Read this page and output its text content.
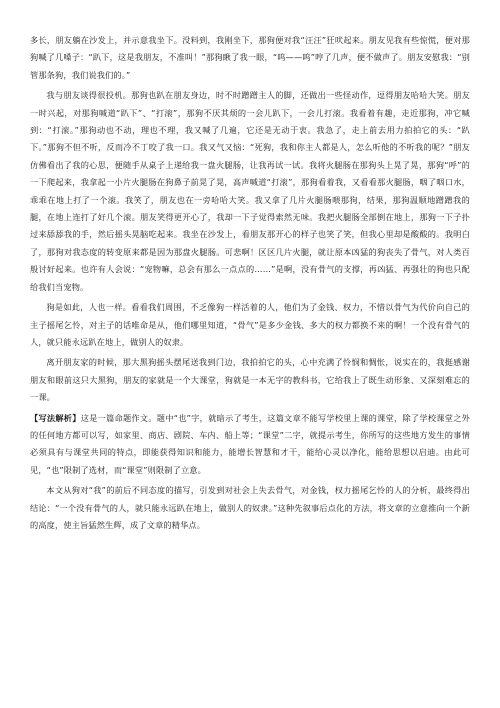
多长，朋友躺在沙发上，并示意我坐下。没料到，我刚坐下，那狗便对我“汪汪”狂吠起来。朋友见我有些惊慌，便对那狗喊了几嗓子：“趴下，这是我朋友，不准叫！”那狗瞅了我一眼，“呜——呜”哼了几声，便不做声了。朋友安慰我：“别管那条狗，我们说我们的。”

我与朋友谈得很投机。那狗也趴在朋友身边，时不时蹭蹭主人的脚，还做出一些怪动作，逗得朋友哈哈大笑。朋友一时兴起，对那狗喊道“趴下”、“打滚”，那狗不厌其烦的一会儿趴下，一会儿打滚。我看着有趣，走近那狗，冲它喊到：“打滚。”那狗动也不动，理也不理，我又喊了几遍，它还是无动于衷。我急了，走上前去用力拍拍它的头：“趴下。”那狗不但不听，反而冷不丁咬了我一口。我又气又恼：“死狗，我和你主人都是人，怎么听他的不听我的呢？”朋友仿佛看出了我的心思，便随手从桌子上递给我一盘火腿肠，让我再试一试。我将火腿肠在那狗头上晃了晃，那狗“呼”的一下爬起来，我拿起一小片火腿肠在狗鼻子前晃了晃，高声喊道“打滚”，那狗看着我，又看看那火腿肠，咽了咽口水，乖乖在地上打了一个滚。我笑了，朋友也在一旁哈哈大笑。我又拿了几片火腿肠喂那狗，结果，那狗温顺地蹭蹭我的腿，在地上连打了好几个滚。朋友笑得更开心了，我却一下子觉得索然无味。我把火腿肠全部倒在地上，那狗一下子扑过来舔舔我的手，然后摇头晃脑吃起来。我坐在沙发上，看朋友那开心的样子也笑了笑，但我心里却是酸酸的。我明白了，那狗对我态度的转变原来都是因为那盘火腿肠。可悲啊！区区几片火腿，就让原本凶猛的狗丧失了骨气，对人类百般讨好起来。也许有人会说：“宠物嘛，总会有那么一点点的……”是啊，没有骨气的支撑，再凶猛、再强壮的狗也只配给我们当宠物。

狗是如此，人也一样。看看我们周围，不乏像狗一样活着的人，他们为了金钱、权力，不惜以骨气为代价向自己的主子摇尾乞怜，对主子的话唯命是从，他们哪里知道，“骨气”是多少金钱、多大的权力都换不来的啊！一个没有骨气的人，就只能永远趴在地上，做别人的奴隶。

离开朋友家的时候，那大黑狗摇头摆尾送我到门边，我拍拍它的头，心中充满了怜悯和惆怅，说实在的，我挺感谢朋友和眼前这只大黑狗，朋友的家就是一个大课堂，狗就是一本无字的教科书，它给我上了既生动形象、又深刻难忘的一课。

【写法解析】这是一篇命题作文。题中“也”字，就暗示了考生，这篇文章不能写学校里上课的课堂，除了学校课堂之外的任何地方都可以写，如家里、商店、剧院、车内、船上等；“课堂”二字，就提示考生，你所写的这些地方发生的事情必须具有与课堂共同的特点，即能获得知识和能力，能增长智慧和才干，能给心灵以净化，能给思想以启迪。由此可见，“也”限制了选材，而“课堂”则限制了立意。

本文从狗对“我”的前后不同态度的描写，引发到对社会上失去骨气，对金钱，权力摇尾乞怜的人的分析，最终得出结论：“一个没有骨气的人，就只能永远趴在地上，做别人的奴隶。”这种先叙事后点化的方法，将文章的立意推向一个新的高度，使主旨猛然生辉，成了文章的精华点。
